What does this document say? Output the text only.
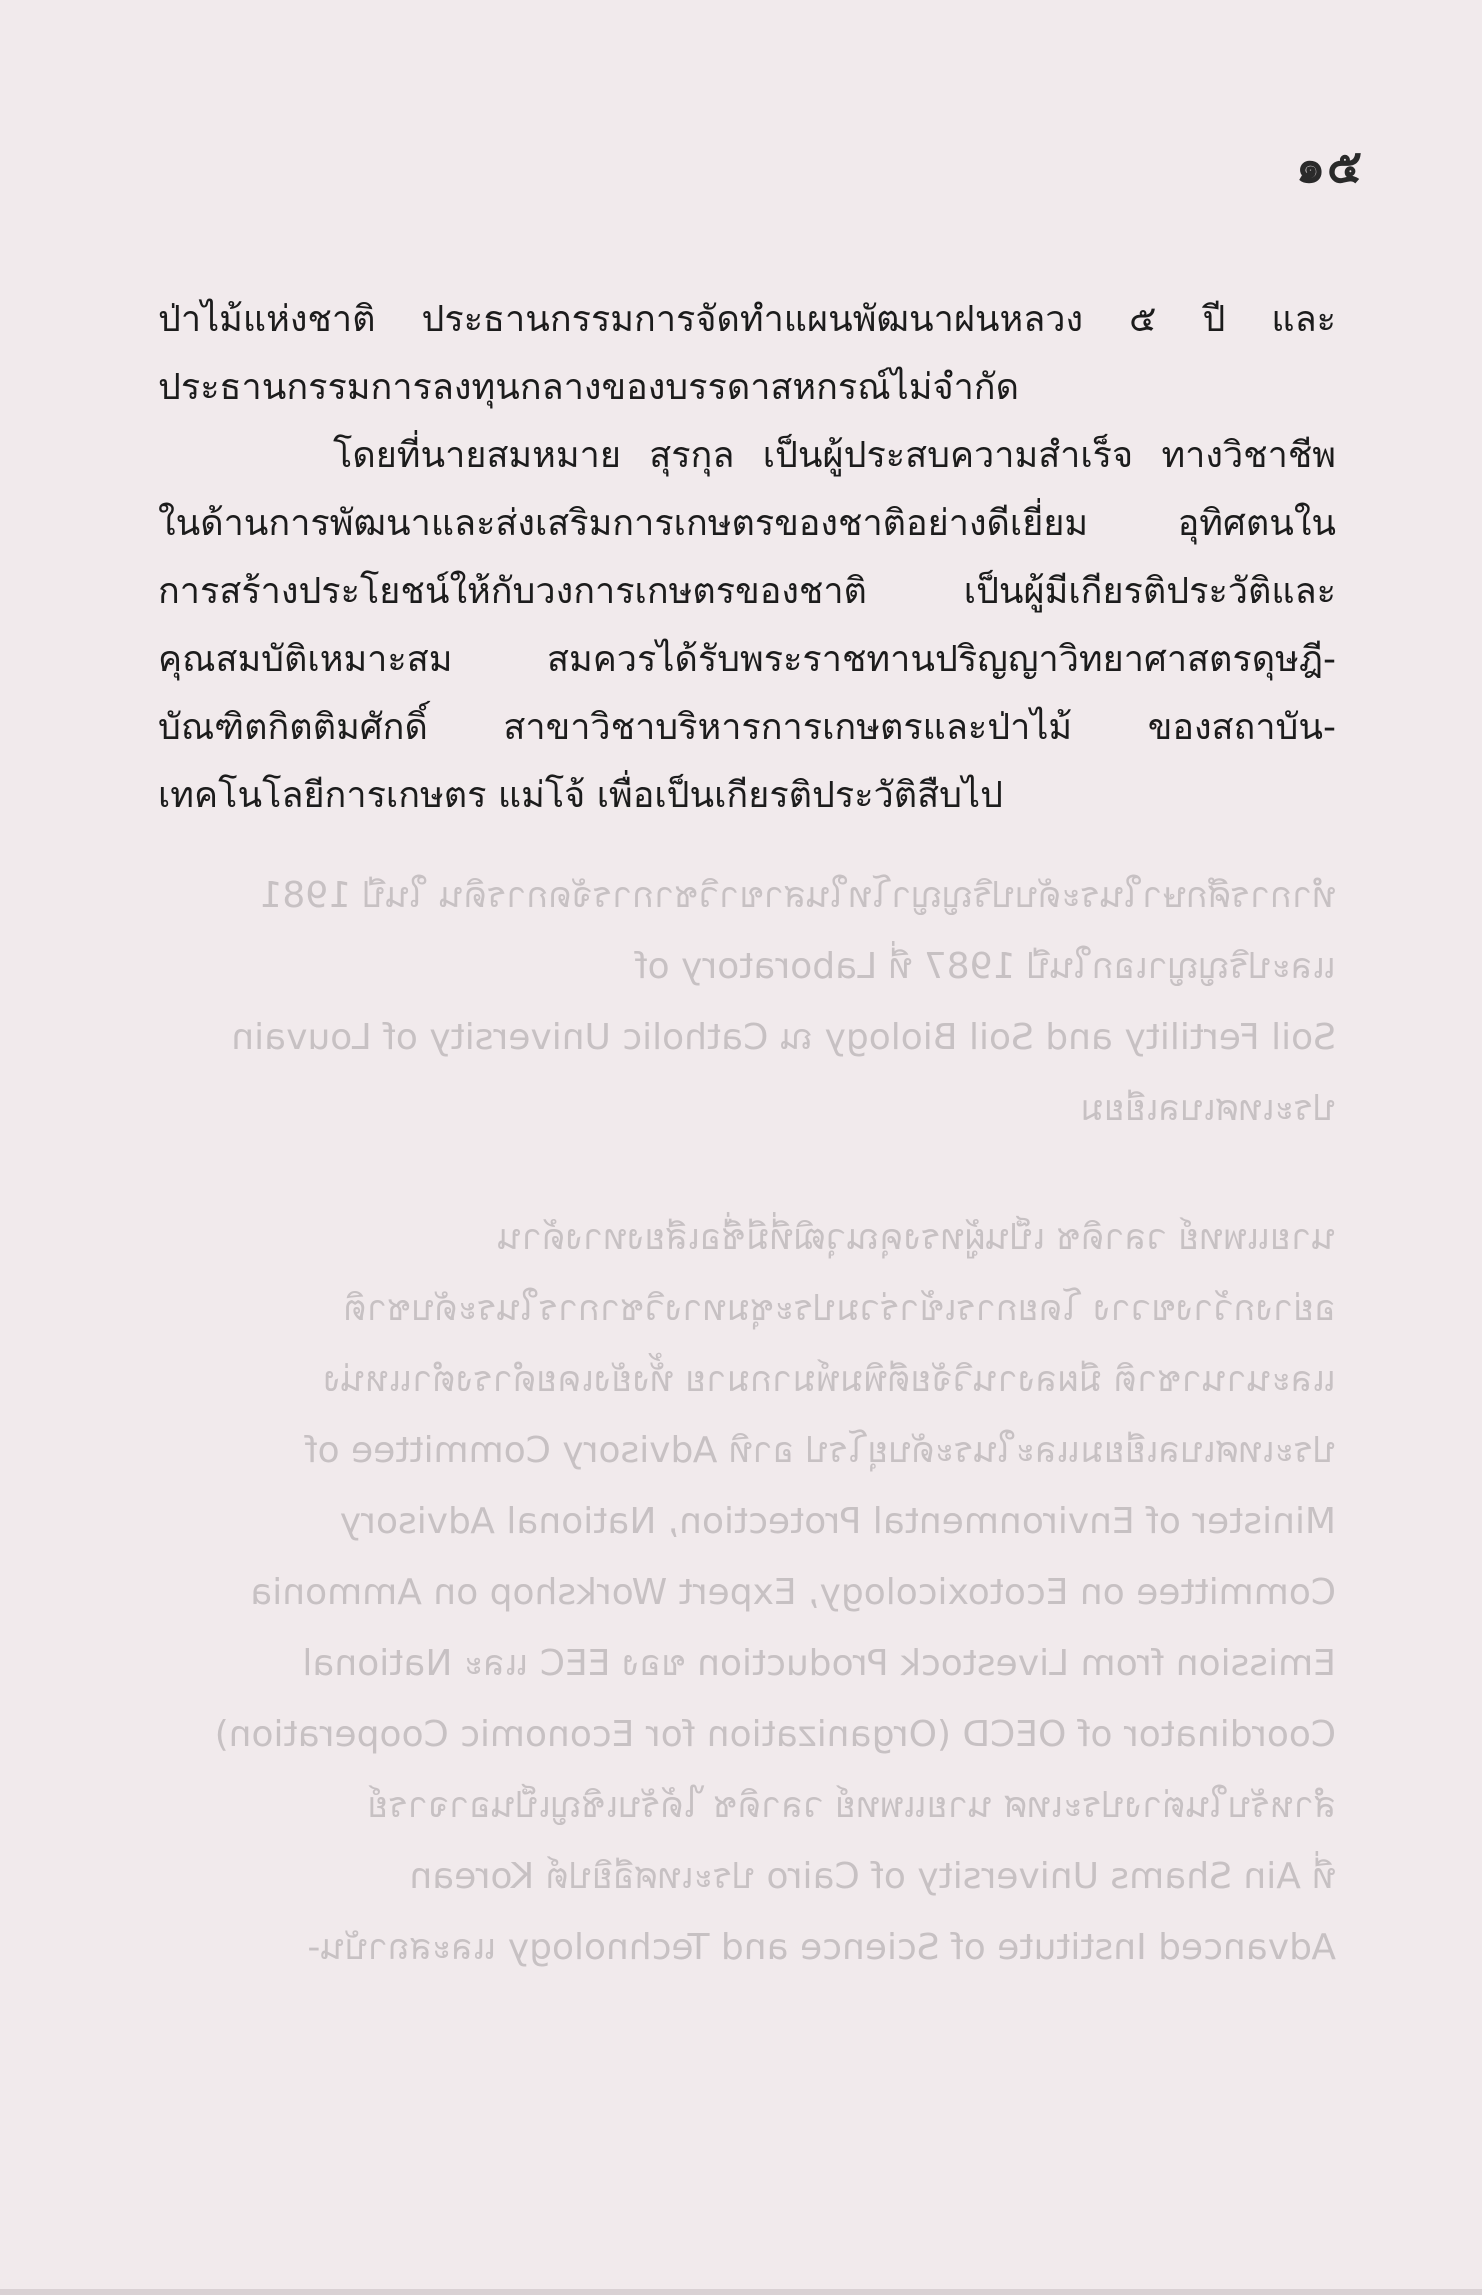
๑๕
ทำการศึกษาในระดับปริญญาโทในสาขาวิชาการจัดการดิน ในปี 1981
และปริญญาเอกในปี 1987 ที่ Laboratory of
Soil Fertility and Soil Biology ณ Catholic University of Louvain
ประเทศเบลเยียม
นายแพทย์ วลาดิช เป็นผู้ทรงคุณวุฒิที่มีชื่อเสียงทางด้าน
อย่างกว้างขวาง โดยการเข้าร่วมประชุมทางวิชาการในระดับชาติ
และนานาชาติ มีผลงานวิจัยตีพิมพ์มากมาย ทั้งยังเคยดำรงตำแหน่ง
ประเทศเบลเยียมและในระดับยุโรป อาทิ Advisory Committee of
Minister of Environmental Protection, National Advisory
Committee on Ecotoxicology, Expert Workshop on Ammonia
Emission from Livestock Production ของ EEC และ National
Coordinator of OECD (Organization for Economic Cooperation)
สำหรับในต่างประเทศ นายแพทย์ วลาดิช ได้รับเชิญเป็นอาจารย์
ที่ Ain Shams University of Cairo ประเทศอียิปต์ Korean
Advanced Institute of Science and Technology และสถาบัน-
ป่าไม้แห่งชาติ ประธานกรรมการจัดทำแผนพัฒนาฝนหลวง ๕ ปี และ
ประธานกรรมการลงทุนกลางของบรรดาสหกรณ์ไม่จำกัด
โดยที่นายสมหมาย สุรกุล เป็นผู้ประสบความสำเร็จ ทางวิชาชีพ
ในด้านการพัฒนาและส่งเสริมการเกษตรของชาติอย่างดีเยี่ยม อุทิศตนใน
การสร้างประโยชน์ให้กับวงการเกษตรของชาติ เป็นผู้มีเกียรติประวัติและ
คุณสมบัติเหมาะสม สมควรได้รับพระราชทานปริญญาวิทยาศาสตรดุษฎี-
บัณฑิตกิตติมศักดิ์ สาขาวิชาบริหารการเกษตรและป่าไม้ ของสถาบัน-
เทคโนโลยีการเกษตร แม่โจ้ เพื่อเป็นเกียรติประวัติสืบไป
